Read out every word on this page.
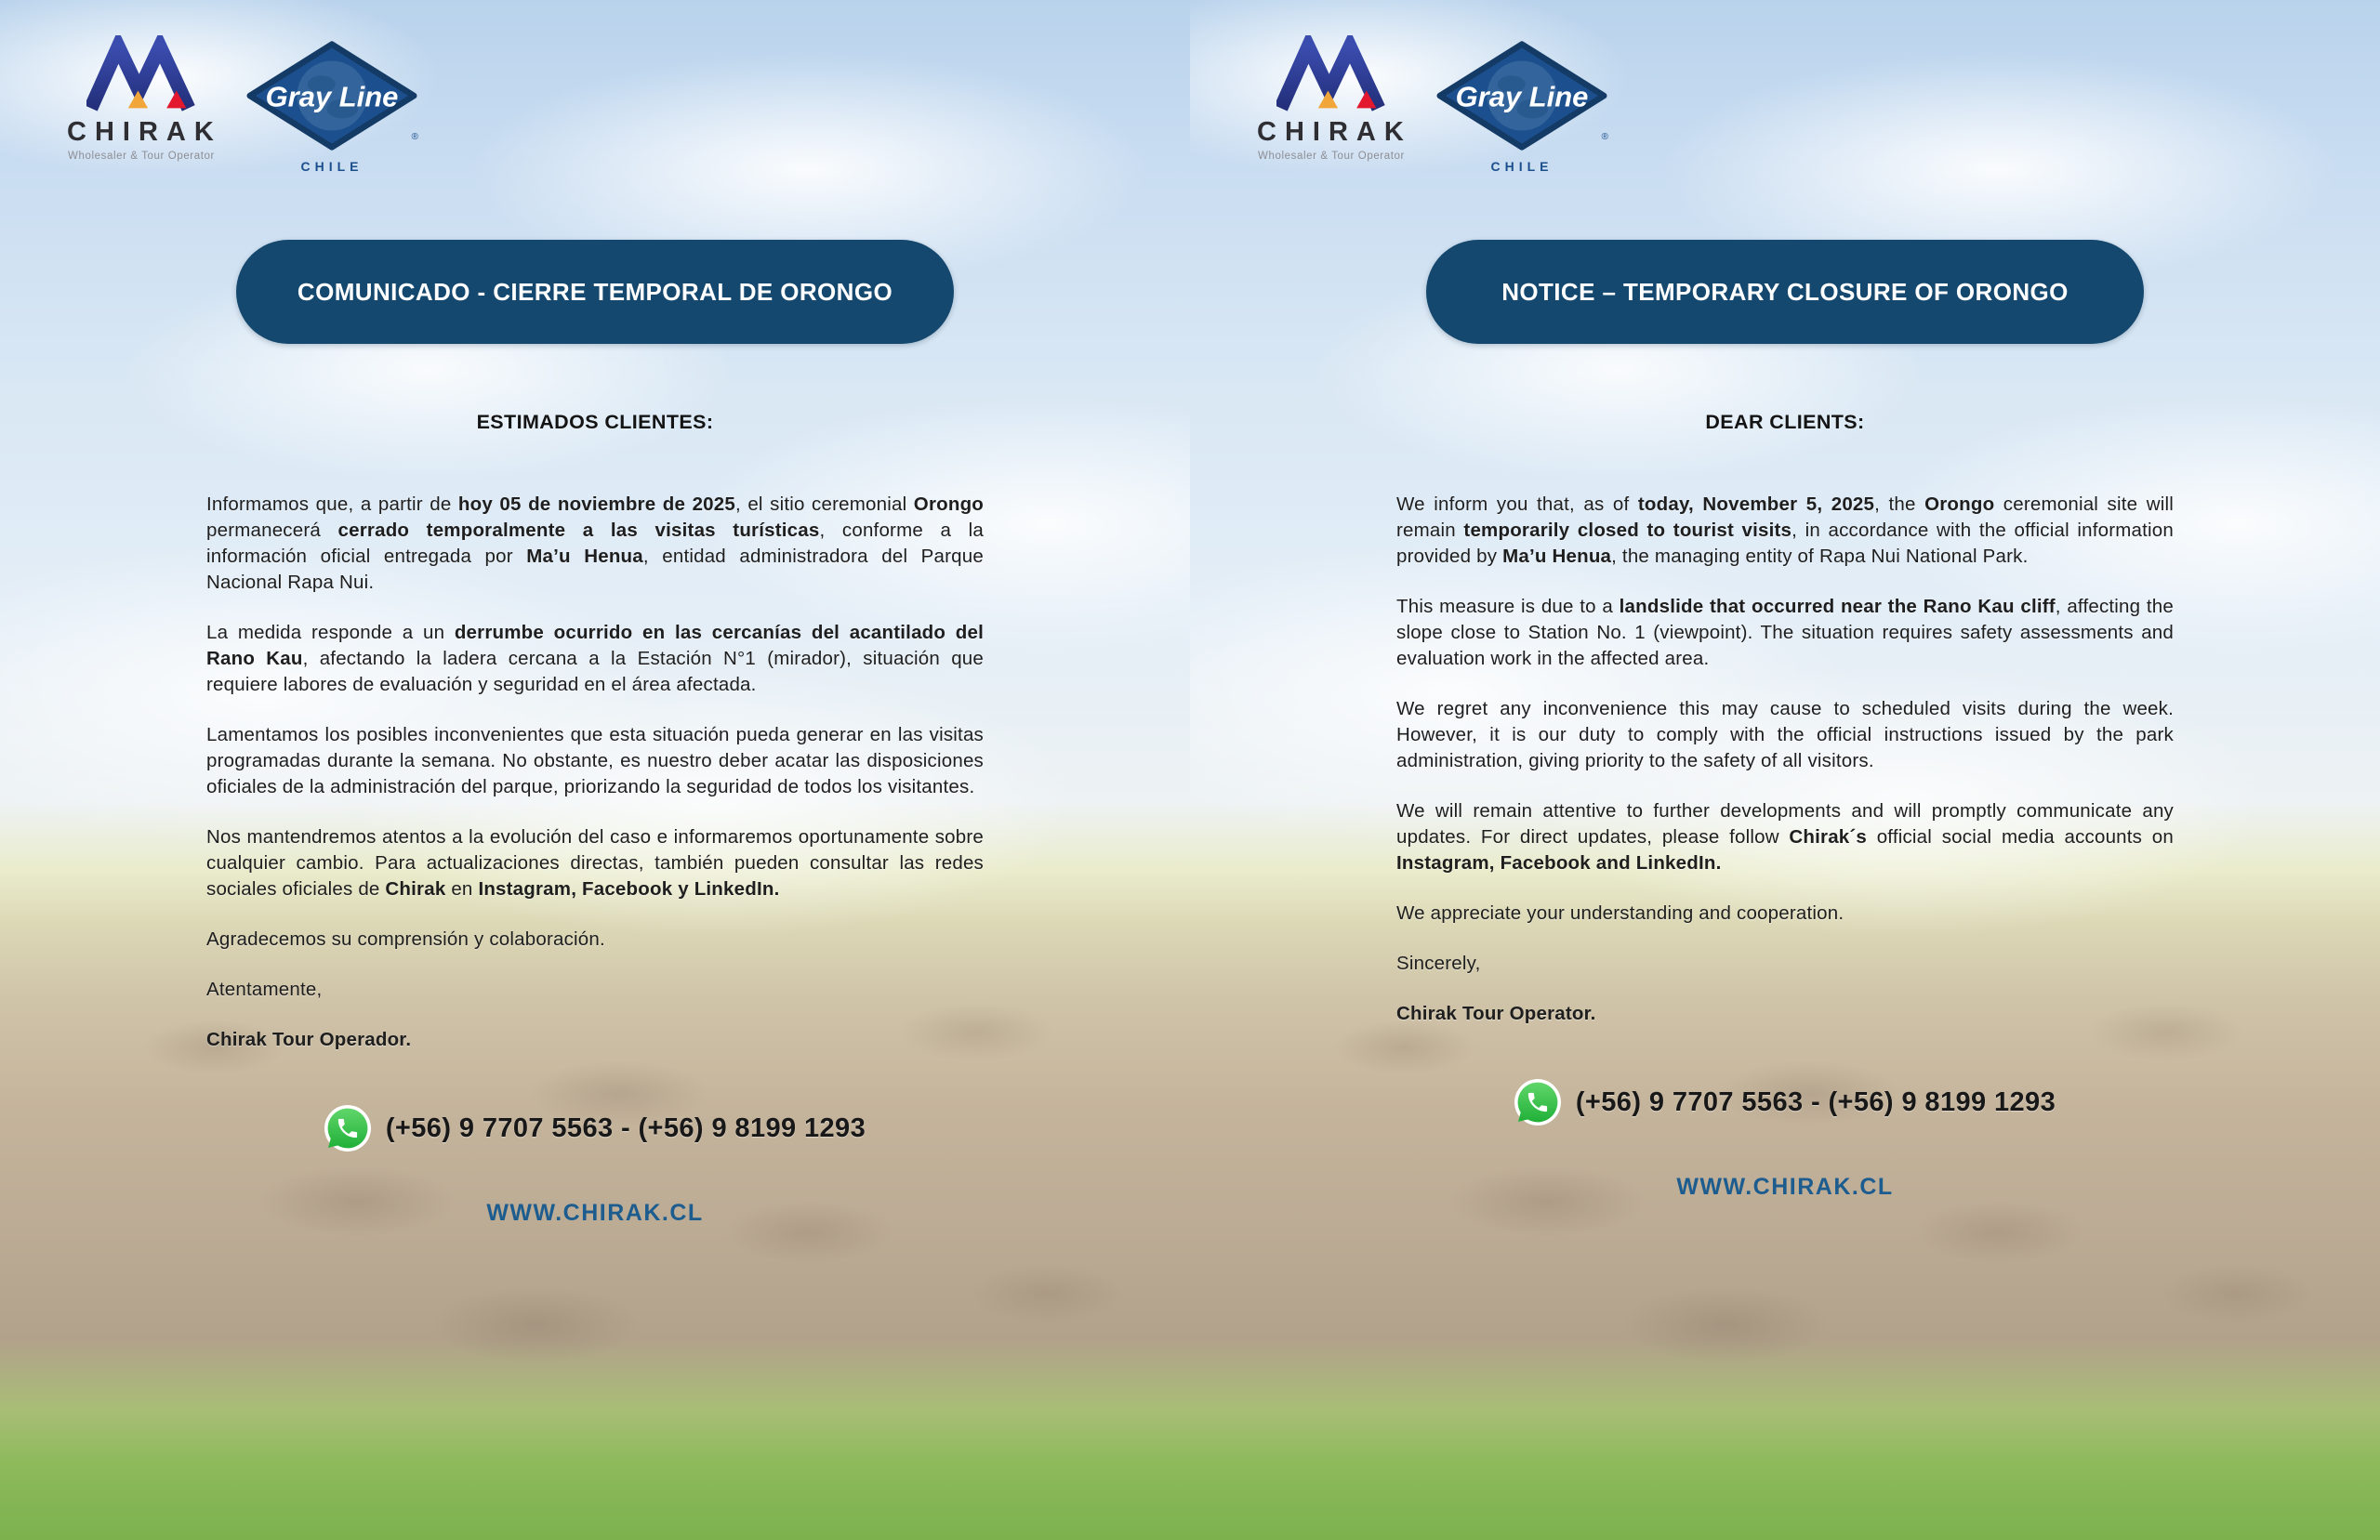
CHIRAK
Wholesaler & Tour Operator
Gray Line
®
CHILE
COMUNICADO - CIERRE TEMPORAL DE ORONGO
ESTIMADOS CLIENTES:

Informamos que, a partir de hoy 05 de noviembre de 2025, el sitio ceremonial Orongo permanecerá cerrado temporalmente a las visitas turísticas, conforme a la información oficial entregada por Ma’u Henua, entidad administradora del Parque Nacional Rapa Nui.

La medida responde a un derrumbe ocurrido en las cercanías del acantilado del Rano Kau, afectando la ladera cercana a la Estación N°1 (mirador), situación que requiere labores de evaluación y seguridad en el área afectada.

Lamentamos los posibles inconvenientes que esta situación pueda generar en las visitas programadas durante la semana. No obstante, es nuestro deber acatar las disposiciones oficiales de la administración del parque, priorizando la seguridad de todos los visitantes.

Nos mantendremos atentos a la evolución del caso e informaremos oportunamente sobre cualquier cambio. Para actualizaciones directas, también pueden consultar las redes sociales oficiales de Chirak en Instagram, Facebook y LinkedIn.

Agradecemos su comprensión y colaboración.

Atentamente,

Chirak Tour Operador.

(+56) 9 7707 5563 - (+56) 9 8199 1293
WWW.CHIRAK.CL
CHIRAK
Wholesaler & Tour Operator
Gray Line
®
CHILE
NOTICE – TEMPORARY CLOSURE OF ORONGO
DEAR CLIENTS:

We inform you that, as of today, November 5, 2025, the Orongo ceremonial site will remain temporarily closed to tourist visits, in accordance with the official information provided by Ma’u Henua, the managing entity of Rapa Nui National Park.

This measure is due to a landslide that occurred near the Rano Kau cliff, affecting the slope close to Station No. 1 (viewpoint). The situation requires safety assessments and evaluation work in the affected area.

We regret any inconvenience this may cause to scheduled visits during the week. However, it is our duty to comply with the official instructions issued by the park administration, giving priority to the safety of all visitors.

We will remain attentive to further developments and will promptly communicate any updates. For direct updates, please follow Chirak´s official social media accounts on Instagram, Facebook and LinkedIn.

We appreciate your understanding and cooperation.

Sincerely,

Chirak Tour Operator.

(+56) 9 7707 5563 - (+56) 9 8199 1293
WWW.CHIRAK.CL
